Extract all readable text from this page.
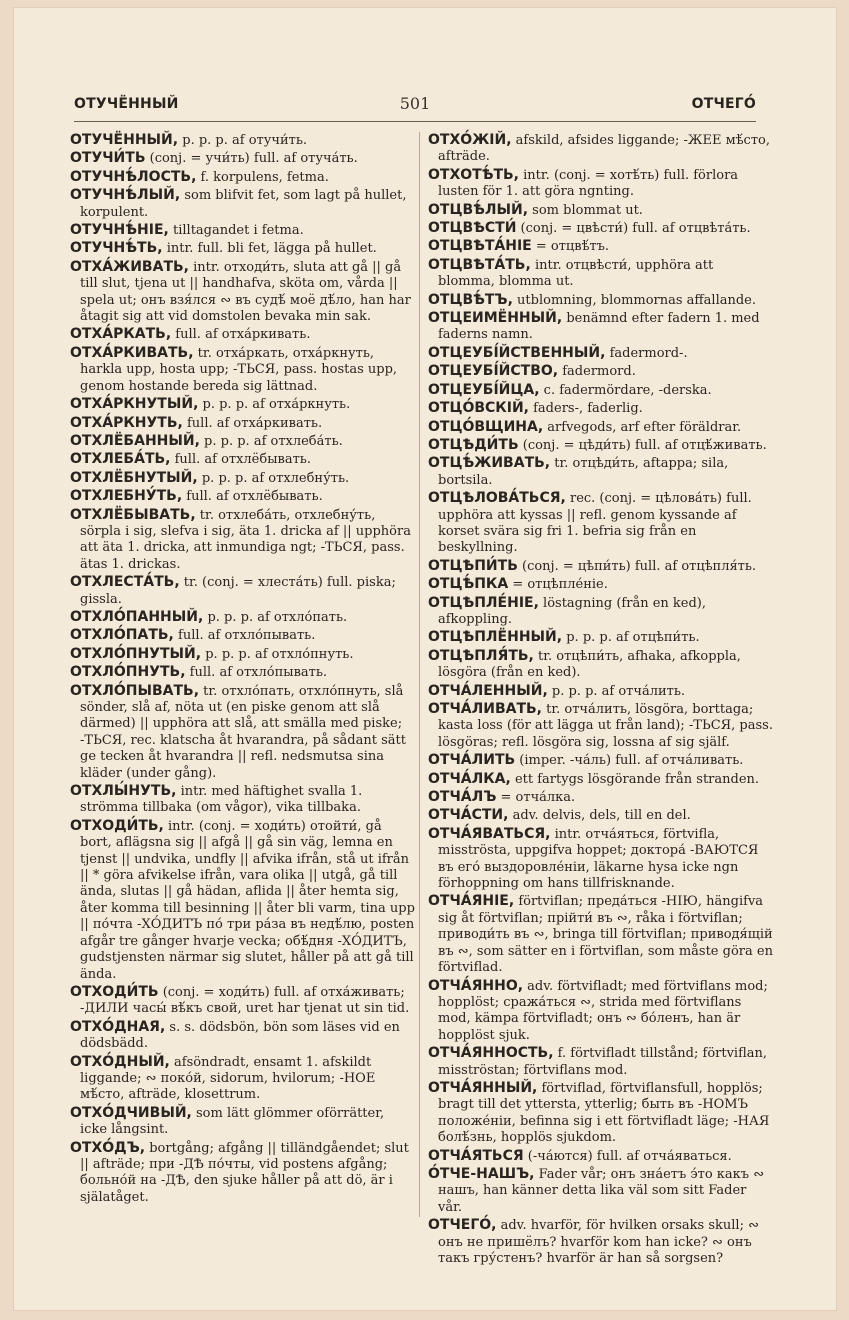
ОТУЧЁННЫЙ	501	ОТЧЕГО́
ОТУЧЁННЫЙ, p. p. p. af отучи́ть.
ОТУЧИ́ТЬ (conj. = учи́ть) full. af отуча́ть.
ОТУЧНѢ́ЛОСТЬ, f. korpulens, fetma.
ОТУЧНѢ́ЛЫЙ, som blifvit fet, som lagt på hullet, korpulent.
ОТУЧНѢ́НІЕ, tilltagandet i fetma.
ОТУЧНѢ́ТЬ, intr. full. bli fet, lägga på hullet.
ОТХА́ЖИВАТЬ, intr. отходи́ть, sluta att gå || gå till slut, tjena ut || handhafva, sköta om, vårda || spela ut; онъ взя́лся ∾ въ судѣ́ моё дѣ́ло, han har åtagit sig att vid domstolen bevaka min sak.
ОТХА́РКАТЬ, full. af отха́ркивать.
ОТХА́РКИВАТЬ, tr. отха́ркать, отха́ркнуть, harkla upp, hosta upp; -ТЬСЯ, pass. hostas upp, genom hostande bereda sig lättnad.
ОТХА́РКНУТЫЙ, p. p. p. af отха́ркнуть.
ОТХА́РКНУТЬ, full. af отха́ркивать.
ОТХЛЁБАННЫЙ, p. p. p. af отхлеба́ть.
ОТХЛЕБА́ТЬ, full. af отхлёбывать.
ОТХЛЁБНУТЫЙ, p. p. p. af отхлебну́ть.
ОТХЛЕБНУ́ТЬ, full. af отхлёбывать.
ОТХЛЁБЫВАТЬ, tr. отхлеба́ть, отхлебну́ть, sörpla i sig, slefva i sig, äta 1. dricka af || upphöra att äta 1. dricka, att inmundiga ngt; -ТЬСЯ, pass. ätas 1. drickas.
ОТХЛЕСТА́ТЬ, tr. (conj. = хлеста́ть) full. piska; gissla.
ОТХЛО́ПАННЫЙ, p. p. p. af отхло́пать.
ОТХЛО́ПАТЬ, full. af отхло́пывать.
ОТХЛО́ПНУТЫЙ, p. p. p. af отхло́пнуть.
ОТХЛО́ПНУТЬ, full. af отхло́пывать.
ОТХЛО́ПЫВАТЬ, tr. отхло́пать, отхло́пнуть, slå sönder, slå af, nöta ut (en piske genom att slå därmed) || upphöra att slå, att smälla med piske; -ТЬСЯ, rec. klatscha åt hvarandra, på sådant sätt ge tecken åt hvarandra || refl. nedsmutsa sina kläder (under gång).
ОТХЛЫ́НУТЬ, intr. med häftighet svalla 1. strömma tillbaka (om vågor), vika tillbaka.
ОТХОДИ́ТЬ, intr. (conj. = ходи́ть) отойти́, gå bort, aflägsna sig || afgå || gå sin väg, lemna en tjenst || undvika, undfly || afvika ifrån, stå ut ifrån || * göra afvikelse ifrån, vara olika || utgå, gå till ända, slutas || gå hädan, aflida || åter hemta sig, åter komma till besinning || åter bli varm, tina upp || по́чта -ХО́ДИТЪ по́ три ра́за въ недѣ́лю, posten afgår tre gånger hvarje vecka; обѣ́дня -ХО́ДИТЪ, gudstjensten närmar sig slutet, håller på att gå till ända.
ОТХОДИ́ТЬ (conj. = ходи́ть) full. af отха́живать; -ДИЛИ часы́ вѣ́къ свой, uret har tjenat ut sin tid.
ОТХО́ДНАЯ, s. s. dödsbön, bön som läses vid en dödsbädd.
ОТХО́ДНЫЙ, afsöndradt, ensamt 1. afskildt liggande; ∾ поко́й, sidorum, hvilorum; -НОЕ мѣ́сто, afträde, klosettrum.
ОТХО́ДЧИВЫЙ, som lätt glömmer oförrätter, icke långsint.
ОТХО́ДЪ, bortgång; afgång || tilländgåendet; slut || afträde; при -ДѢ по́чты, vid postens afgång; больно́й на -ДѢ, den sjuke håller på att dö, är i själatåget.
ОТХО́ЖІЙ, afskild, afsides liggande; -ЖЕЕ мѣ́сто, afträde.
ОТХОТѢ́ТЬ, intr. (conj. = хотѣ́ть) full. förlora lusten för 1. att göra ngnting.
ОТЦВѢ́ЛЫЙ, som blommat ut.
ОТЦВѢСТИ́ (conj. = цвѣсти́) full. af отцвѣта́ть.
ОТЦВѢТА́НІЕ = отцвѣ́тъ.
ОТЦВѢТА́ТЬ, intr. отцвѣсти́, upphöra att blomma, blomma ut.
ОТЦВѢ́ТЪ, utblomning, blommornas affallande.
ОТЦЕИМЁННЫЙ, benämnd efter fadern 1. med faderns namn.
ОТЦЕУБІ́ЙСТВЕННЫЙ, fadermord-.
ОТЦЕУБІ́ЙСТВО, fadermord.
ОТЦЕУБІ́ЙЦА, c. fadermördare, -derska.
ОТЦО́ВСКІЙ, faders-, faderlig.
ОТЦО́ВЩИНА, arfvegods, arf efter föräldrar.
ОТЦѢДИ́ТЬ (conj. = цѣди́ть) full. af отцѣ́живать.
ОТЦѢ́ЖИВАТЬ, tr. отцѣди́ть, aftappa; sila, bortsila.
ОТЦѢЛОВА́ТЬСЯ, rec. (conj. = цѣлова́ть) full. upphöra att kyssas || refl. genom kyssande af korset svära sig fri 1. befria sig från en beskyllning.
ОТЦѢПИ́ТЬ (conj. = цѣпи́ть) full. af отцѣпля́ть.
ОТЦѢ́ПКА = отцѣпле́ніе.
ОТЦѢПЛЕ́НІЕ, löstagning (från en ked), afkoppling.
ОТЦѢПЛЁННЫЙ, p. p. p. af отцѣпи́ть.
ОТЦѢПЛЯ́ТЬ, tr. отцѣпи́ть, afhaka, afkoppla, lösgöra (från en ked).
ОТЧА́ЛЕННЫЙ, p. p. p. af отча́лить.
ОТЧА́ЛИВАТЬ, tr. отча́лить, lösgöra, borttaga; kasta loss (för att lägga ut från land); -ТЬСЯ, pass. lösgöras; refl. lösgöra sig, lossna af sig själf.
ОТЧА́ЛИТЬ (imper. -ча́ль) full. af отча́ливать.
ОТЧА́ЛКА, ett fartygs lösgörande från stranden.
ОТЧА́ЛЪ = отча́лка.
ОТЧА́СТИ, adv. delvis, dels, till en del.
ОТЧА́ЯВАТЬСЯ, intr. отча́яться, förtvifla, misströsta, uppgifva hoppet; доктора́ -ВАЮТСЯ въ его́ выздоровле́ніи, läkarne hysa icke ngn förhoppning om hans tillfrisknande.
ОТЧА́ЯНІЕ, förtviflan; преда́ться -НІЮ, hängifva sig åt förtviflan; прійти́ въ ∾, råka i förtviflan; приводи́ть въ ∾, bringa till förtviflan; приводя́щій въ ∾, som sätter en i förtviflan, som måste göra en förtviflad.
ОТЧА́ЯННО, adv. förtvifladt; med förtviflans mod; hopplöst; сража́ться ∾, strida med förtviflans mod, kämpa förtvifladt; онъ ∾ бо́ленъ, han är hopplöst sjuk.
ОТЧА́ЯННОСТЬ, f. förtvifladt tillstånd; förtviflan, misströstan; förtviflans mod.
ОТЧА́ЯННЫЙ, förtviflad, förtviflansfull, hopplös; bragt till det yttersta, ytterlig; быть въ -НОМЪ положе́ніи, befinna sig i ett förtvifladt läge; -НАЯ болѣ́знь, hopplös sjukdom.
ОТЧА́ЯТЬСЯ (-ча́ются) full. af отча́яваться.
О́ТЧЕ-НАШЪ, Fader vår; онъ зна́етъ э́то какъ ∾ нашъ, han känner detta lika väl som sitt Fader vår.
ОТЧЕГО́, adv. hvarför, för hvilken orsaks skull; ∾ онъ не пришёлъ? hvarför kom han icke? ∾ онъ такъ гру́стенъ? hvarför är han så sorgsen?
